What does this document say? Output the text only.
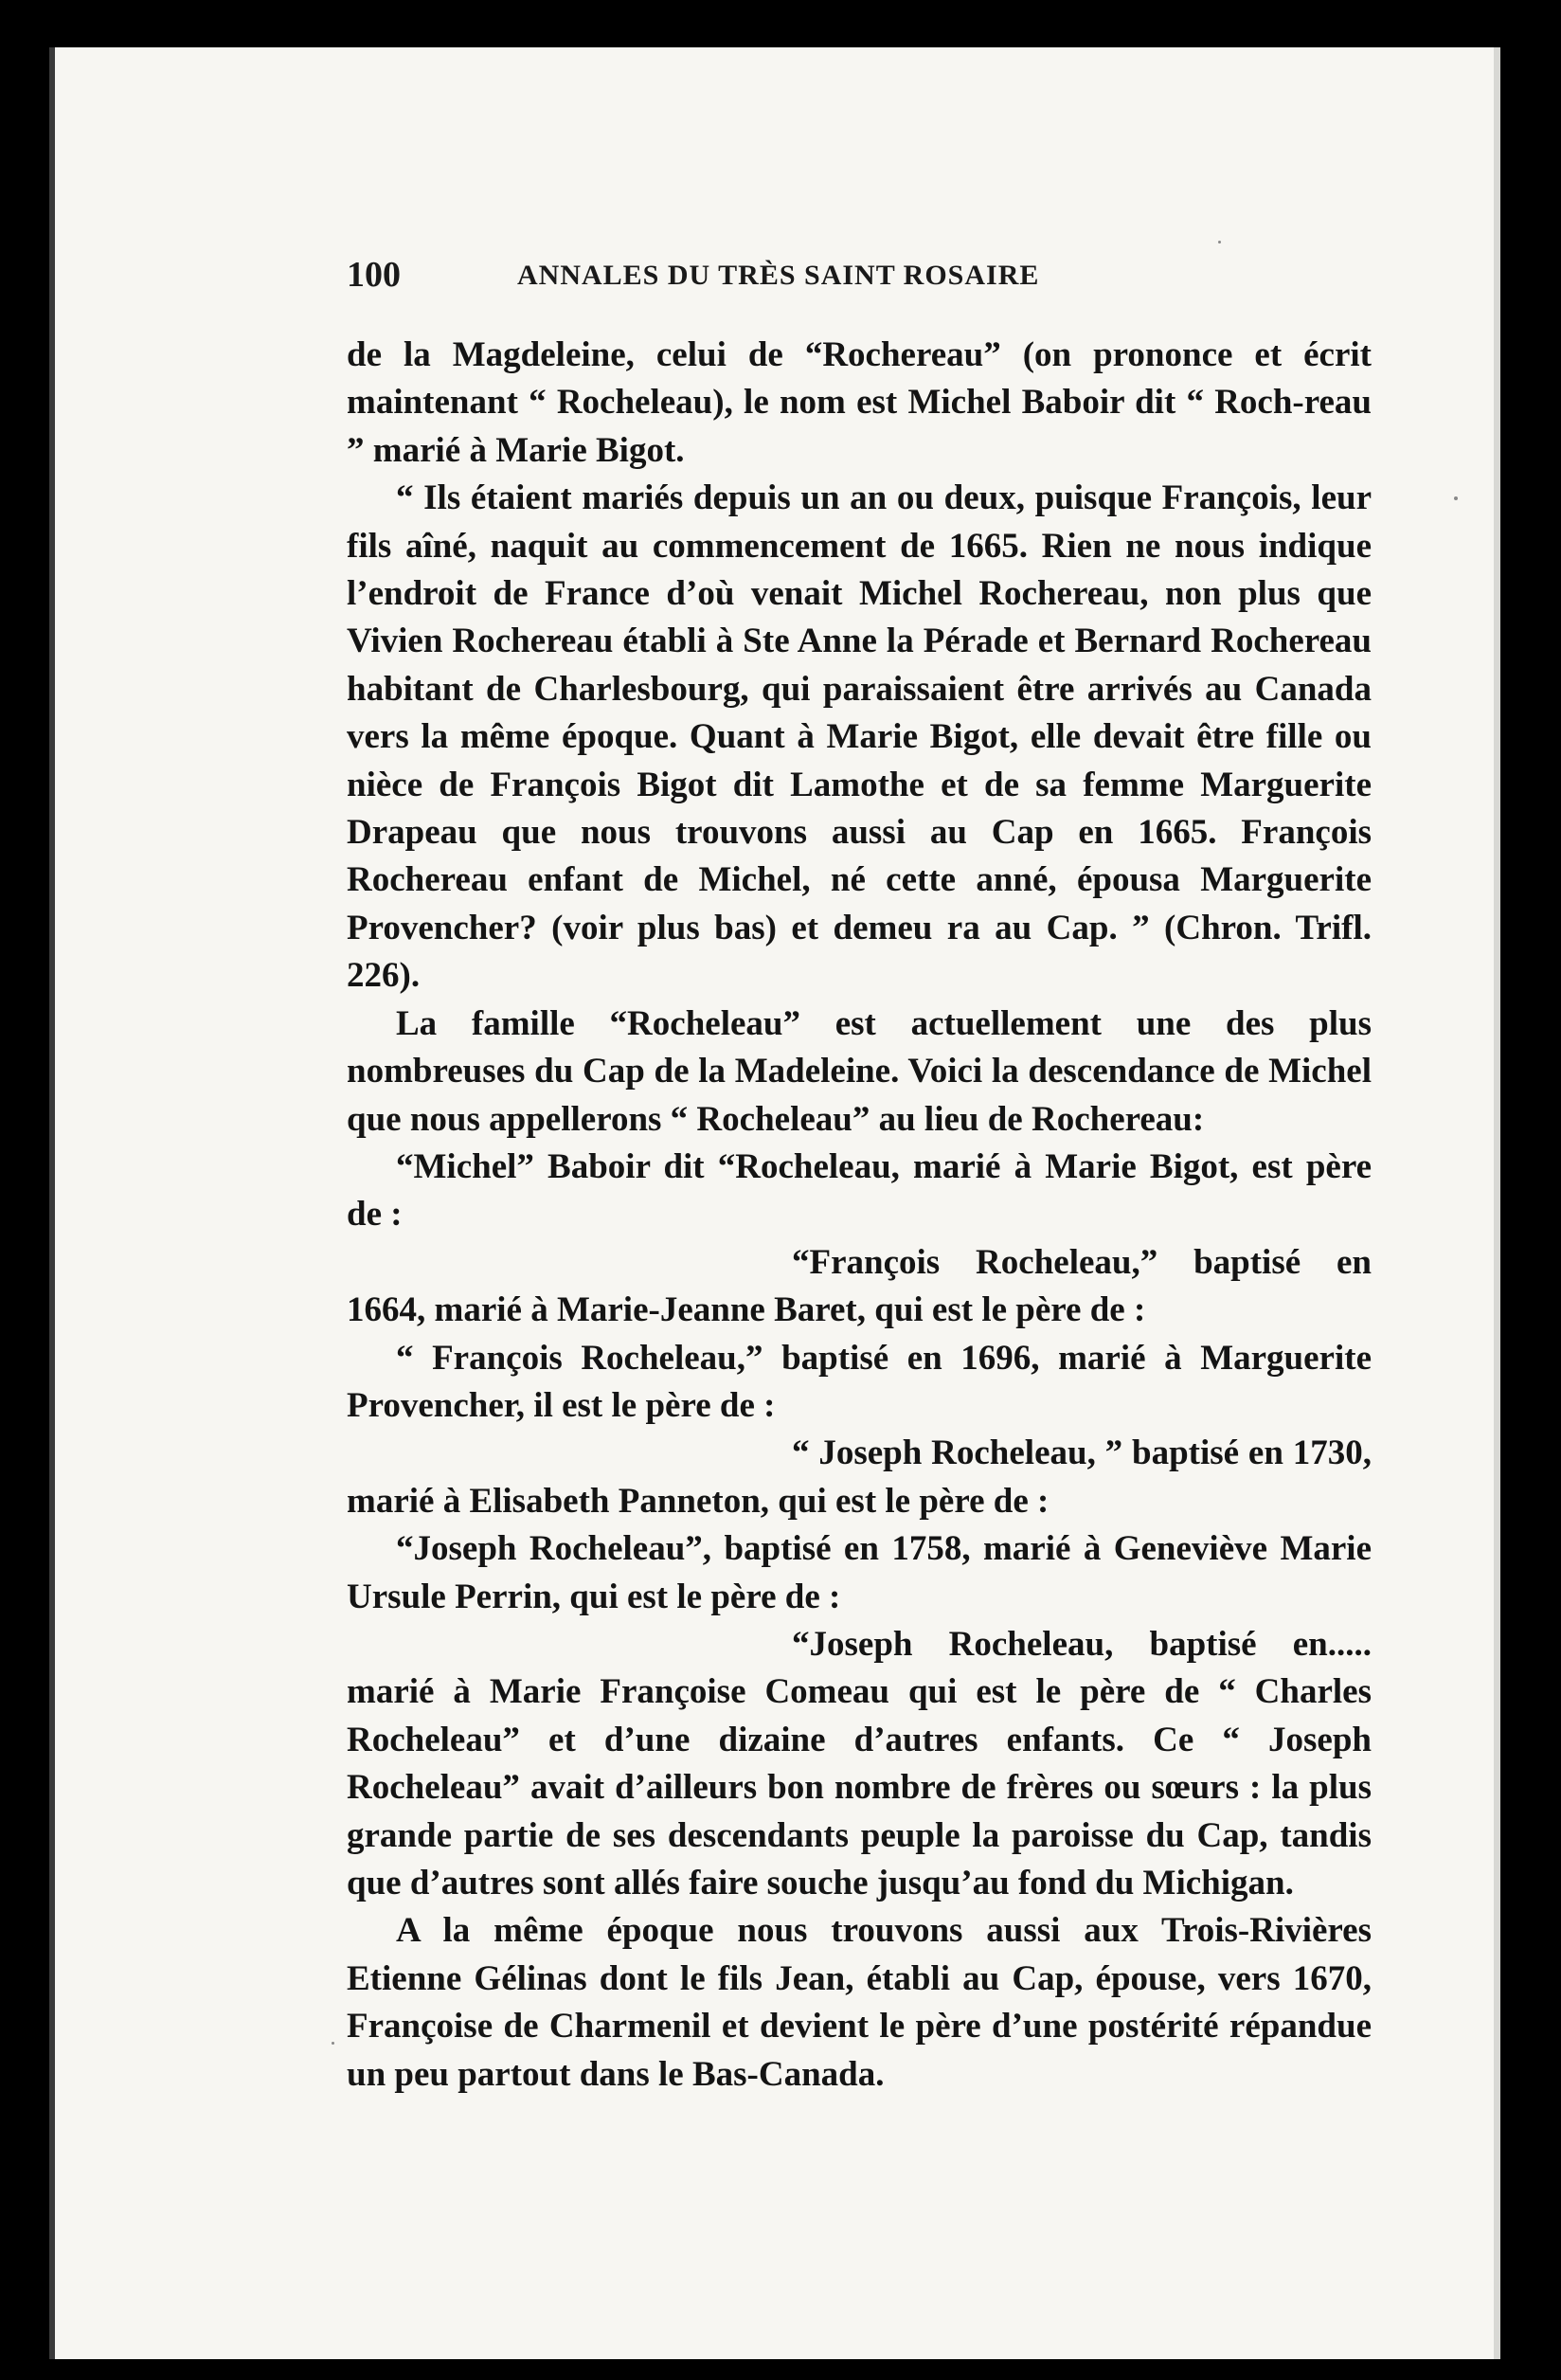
100	ANNALES DU TRÈS SAINT ROSAIRE

de la Magdeleine, celui de “Rochereau” (on prononce et écrit maintenant “ Rocheleau), le nom est Michel Baboir dit “ Roch-reau ” marié à Marie Bigot.

“ Ils étaient mariés depuis un an ou deux, puisque François, leur fils aîné, naquit au commencement de 1665. Rien ne nous indique l’endroit de France d’où venait Michel Rochereau, non plus que Vivien Rochereau établi à Ste Anne la Pérade et Bernard Rochereau habitant de Charlesbourg, qui paraissaient être arrivés au Canada vers la même époque. Quant à Marie Bigot, elle devait être fille ou nièce de François Bigot dit Lamothe et de sa femme Marguerite Drapeau que nous trouvons aussi au Cap en 1665. François Rochereau enfant de Michel, né cette anné, épousa Marguerite Provencher? (voir plus bas) et demeu ra au Cap. ” (Chron. Trifl. 226).

La famille “Rocheleau” est actuellement une des plus nombreuses du Cap de la Madeleine. Voici la descendance de Michel que nous appellerons “ Rocheleau” au lieu de Rochereau:

“Michel” Baboir dit “Rocheleau, marié à Marie Bigot, est père de :

“François Rocheleau,” baptisé en 1664, marié à Marie-Jeanne Baret, qui est le père de :

“ François Rocheleau,” baptisé en 1696, marié à Marguerite Provencher, il est le père de :

“ Joseph Rocheleau, ” baptisé en 1730, marié à Elisabeth Panneton, qui est le père de :

“Joseph Rocheleau”, baptisé en 1758, marié à Geneviève Marie Ursule Perrin, qui est le père de :

“Joseph Rocheleau, baptisé en..... marié à Marie Françoise Comeau qui est le père de “ Charles Rocheleau” et d’une dizaine d’autres enfants. Ce “ Joseph Rocheleau” avait d’ailleurs bon nombre de frères ou sœurs : la plus grande partie de ses descendants peuple la paroisse du Cap, tandis que d’autres sont allés faire souche jusqu’au fond du Michigan.

A la même époque nous trouvons aussi aux Trois-Rivières Etienne Gélinas dont le fils Jean, établi au Cap, épouse, vers 1670, Françoise de Charmenil et devient le père d’une postérité répandue un peu partout dans le Bas-Canada.
